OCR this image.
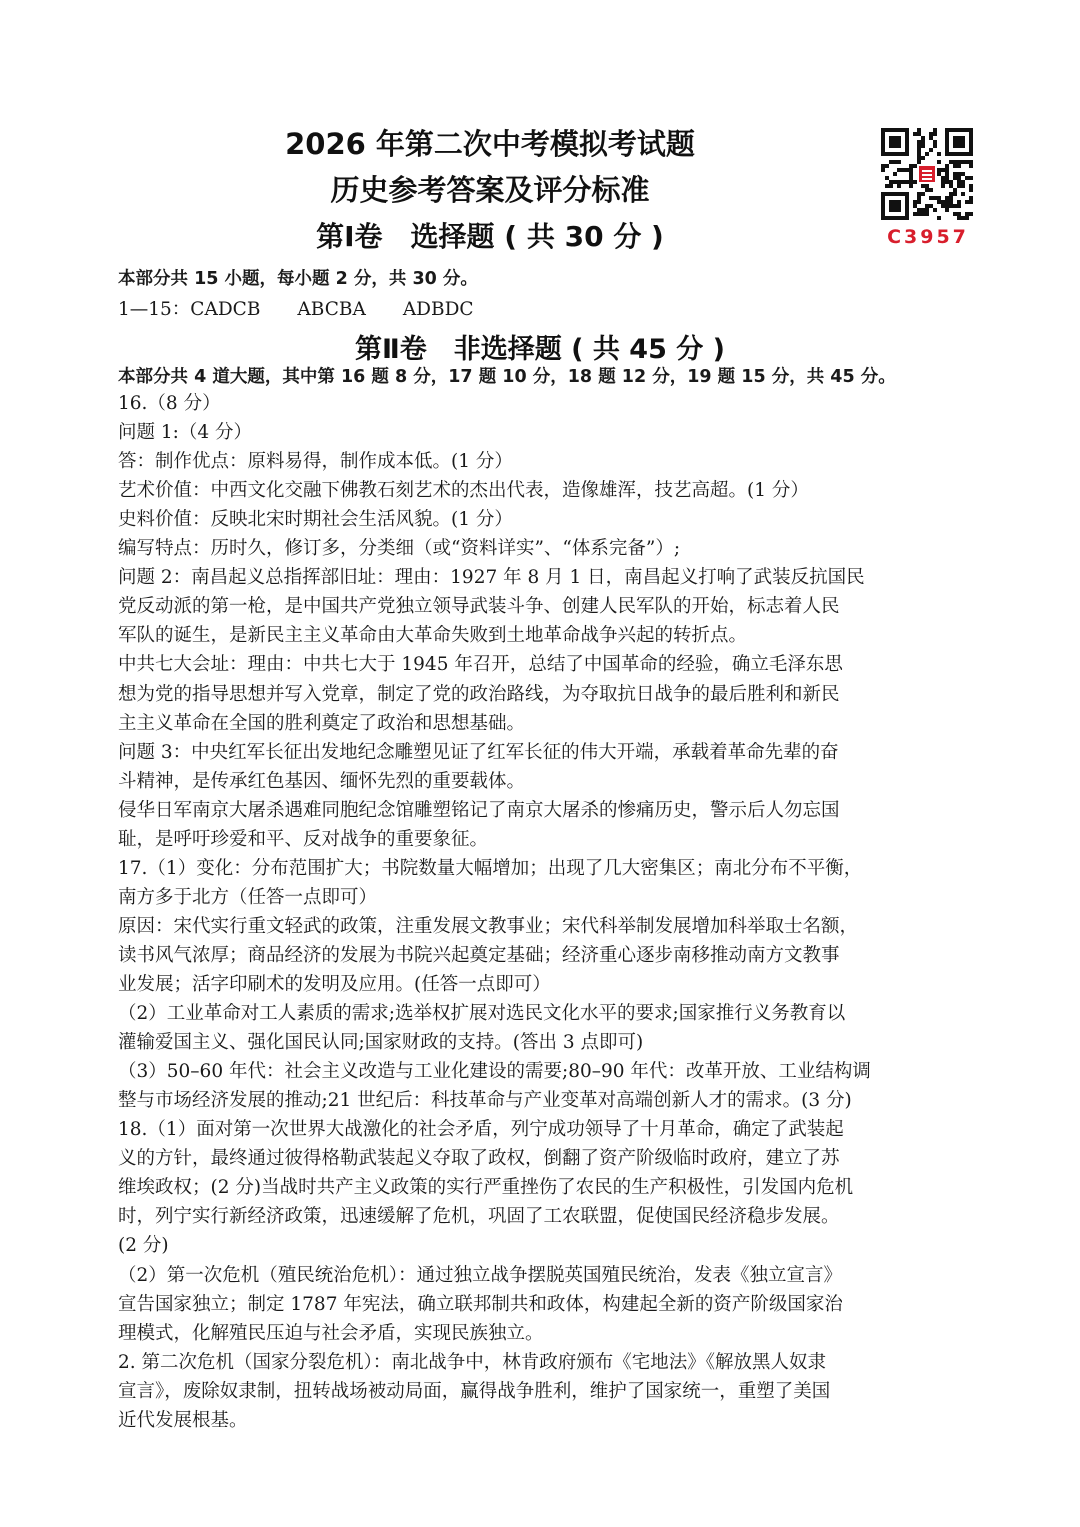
2026 年第二次中考模拟考试题
历史参考答案及评分标准
第Ⅰ卷　选择题 ( 共 30 分 )	C3957
本部分共 15 小题，每小题 2 分，共 30 分。
1—15：CADCB　　ABCBA　　ADBDC
第Ⅱ卷　非选择题 ( 共 45 分 )
本部分共 4 道大题，其中第 16 题 8 分，17 题 10 分，18 题 12 分，19 题 15 分，共 45 分。
16.（8 分）
问题 1:（4 分）
答：制作优点：原料易得，制作成本低。(1 分）
艺术价值：中西文化交融下佛教石刻艺术的杰出代表，造像雄浑，技艺高超。(1 分）
史料价值：反映北宋时期社会生活风貌。(1 分）
编写特点：历时久，修订多，分类细（或“资料详实”、“体系完备”）;
问题 2：南昌起义总指挥部旧址：理由：1927 年 8 月 1 日，南昌起义打响了武装反抗国民
党反动派的第一枪，是中国共产党独立领导武装斗争、创建人民军队的开始，标志着人民
军队的诞生，是新民主主义革命由大革命失败到土地革命战争兴起的转折点。
中共七大会址：理由：中共七大于 1945 年召开，总结了中国革命的经验，确立毛泽东思
想为党的指导思想并写入党章，制定了党的政治路线，为夺取抗日战争的最后胜利和新民
主主义革命在全国的胜利奠定了政治和思想基础。
问题 3：中央红军长征出发地纪念雕塑见证了红军长征的伟大开端，承载着革命先辈的奋
斗精神，是传承红色基因、缅怀先烈的重要载体。
侵华日军南京大屠杀遇难同胞纪念馆雕塑铭记了南京大屠杀的惨痛历史，警示后人勿忘国
耻，是呼吁珍爱和平、反对战争的重要象征。
17.（1）变化：分布范围扩大；书院数量大幅增加；出现了几大密集区；南北分布不平衡，
南方多于北方（任答一点即可）
原因：宋代实行重文轻武的政策，注重发展文教事业；宋代科举制发展增加科举取士名额，
读书风气浓厚；商品经济的发展为书院兴起奠定基础；经济重心逐步南移推动南方文教事
业发展；活字印刷术的发明及应用。(任答一点即可）
（2）工业革命对工人素质的需求;选举权扩展对选民文化水平的要求;国家推行义务教育以
灌输爱国主义、强化国民认同;国家财政的支持。(答出 3 点即可)
（3）50–60 年代：社会主义改造与工业化建设的需要;80–90 年代：改革开放、工业结构调
整与市场经济发展的推动;21 世纪后：科技革命与产业变革对高端创新人才的需求。(3 分)
18.（1）面对第一次世界大战激化的社会矛盾，列宁成功领导了十月革命，确定了武装起
义的方针，最终通过彼得格勒武装起义夺取了政权，倒翻了资产阶级临时政府，建立了苏
维埃政权；(2 分)当战时共产主义政策的实行严重挫伤了农民的生产积极性，引发国内危机
时，列宁实行新经济政策，迅速缓解了危机，巩固了工农联盟，促使国民经济稳步发展。
(2 分)
（2）第一次危机（殖民统治危机）：通过独立战争摆脱英国殖民统治，发表《独立宣言》
宣告国家独立；制定 1787 年宪法，确立联邦制共和政体，构建起全新的资产阶级国家治
理模式，化解殖民压迫与社会矛盾，实现民族独立。
2. 第二次危机（国家分裂危机）：南北战争中，林肯政府颁布《宅地法》《解放黑人奴隶
宣言》，废除奴隶制，扭转战场被动局面，赢得战争胜利，维护了国家统一，重塑了美国
近代发展根基。
